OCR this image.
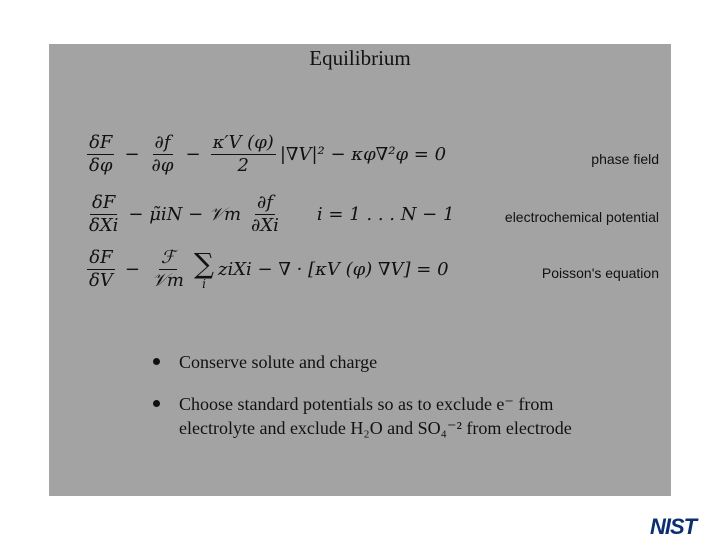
Equilibrium
$\frac{\delta F}{\delta\varphi} - \frac{\partial f}{\partial\varphi} - \frac{\kappa'V (\varphi)}{2} |\nabla V|^2 - \kappa\varphi\nabla^2\varphi = 0$	phase field
$\frac{\delta F}{\text{δXi}}$ − μ̃iN − 𝒱m $\frac{\partial f}{\partial Xi}$ i = 1 . . . N − 1	electrochemical potential
$\frac{\delta F}{\delta V} - \frac{\text{ℱ}}{\text{𝒱m}}$ ∑
i
ziXi − ∇ · [κV (φ) ∇V] = 0	Poisson's equation
Conserve solute and charge
Choose standard potentials so as to exclude e⁻ from electrolyte and exclude H₂O and SO₄⁻² from electrode
NIST
